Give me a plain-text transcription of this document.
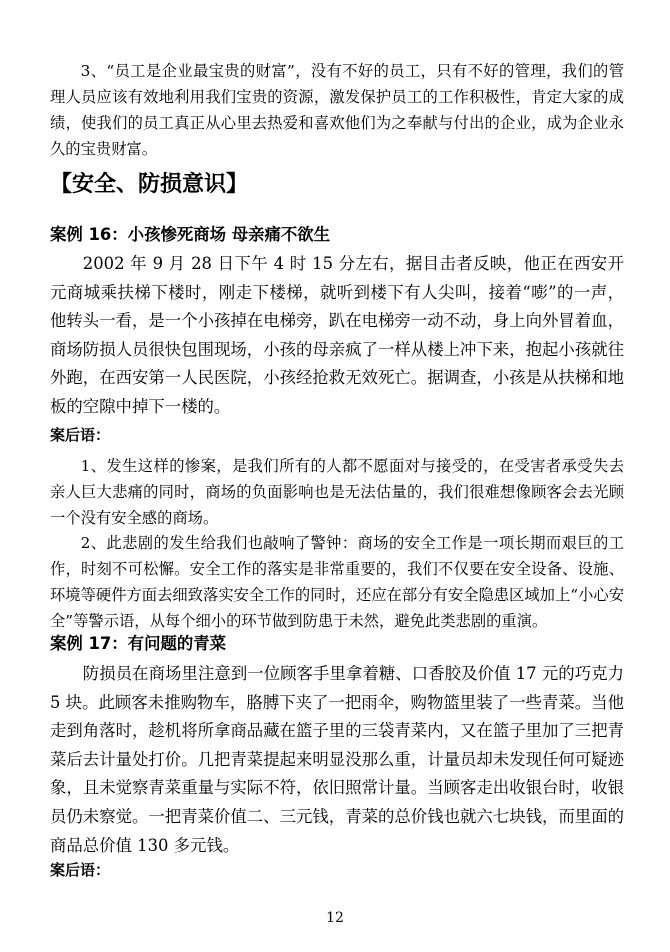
3、“员工是企业最宝贵的财富”，没有不好的员工，只有不好的管理，我们的管理人员应该有效地利用我们宝贵的资源，激发保护员工的工作积极性，肯定大家的成绩，使我们的员工真正从心里去热爱和喜欢他们为之奉献与付出的企业，成为企业永久的宝贵财富。

【安全、防损意识】
案例 16：小孩惨死商场 母亲痛不欲生

2002 年 9 月 28 日下午 4 时 15 分左右，据目击者反映，他正在西安开元商城乘扶梯下楼时，刚走下楼梯，就听到楼下有人尖叫，接着“嘭”的一声，他转头一看，是一个小孩掉在电梯旁，趴在电梯旁一动不动，身上向外冒着血，商场防损人员很快包围现场，小孩的母亲疯了一样从楼上冲下来，抱起小孩就往外跑，在西安第一人民医院，小孩经抢救无效死亡。据调查，小孩是从扶梯和地板的空隙中掉下一楼的。

案后语：

1、发生这样的惨案，是我们所有的人都不愿面对与接受的，在受害者承受失去亲人巨大悲痛的同时，商场的负面影响也是无法估量的，我们很难想像顾客会去光顾一个没有安全感的商场。

2、此悲剧的发生给我们也敲响了警钟：商场的安全工作是一项长期而艰巨的工作，时刻不可松懈。安全工作的落实是非常重要的，我们不仅要在安全设备、设施、环境等硬件方面去细致落实安全工作的同时，还应在部分有安全隐患区域加上“小心安全”等警示语，从每个细小的环节做到防患于未然，避免此类悲剧的重演。

案例 17：有问题的青菜

防损员在商场里注意到一位顾客手里拿着糖、口香胶及价值 17 元的巧克力 5 块。此顾客未推购物车，胳膊下夹了一把雨伞，购物篮里装了一些青菜。当他走到角落时，趁机将所拿商品藏在篮子里的三袋青菜内，又在篮子里加了三把青菜后去计量处打价。几把青菜提起来明显没那么重，计量员却未发现任何可疑迹象，且未觉察青菜重量与实际不符，依旧照常计量。当顾客走出收银台时，收银员仍未察觉。一把青菜价值二、三元钱，青菜的总价钱也就六七块钱，而里面的商品总价值 130 多元钱。

案后语：
12
